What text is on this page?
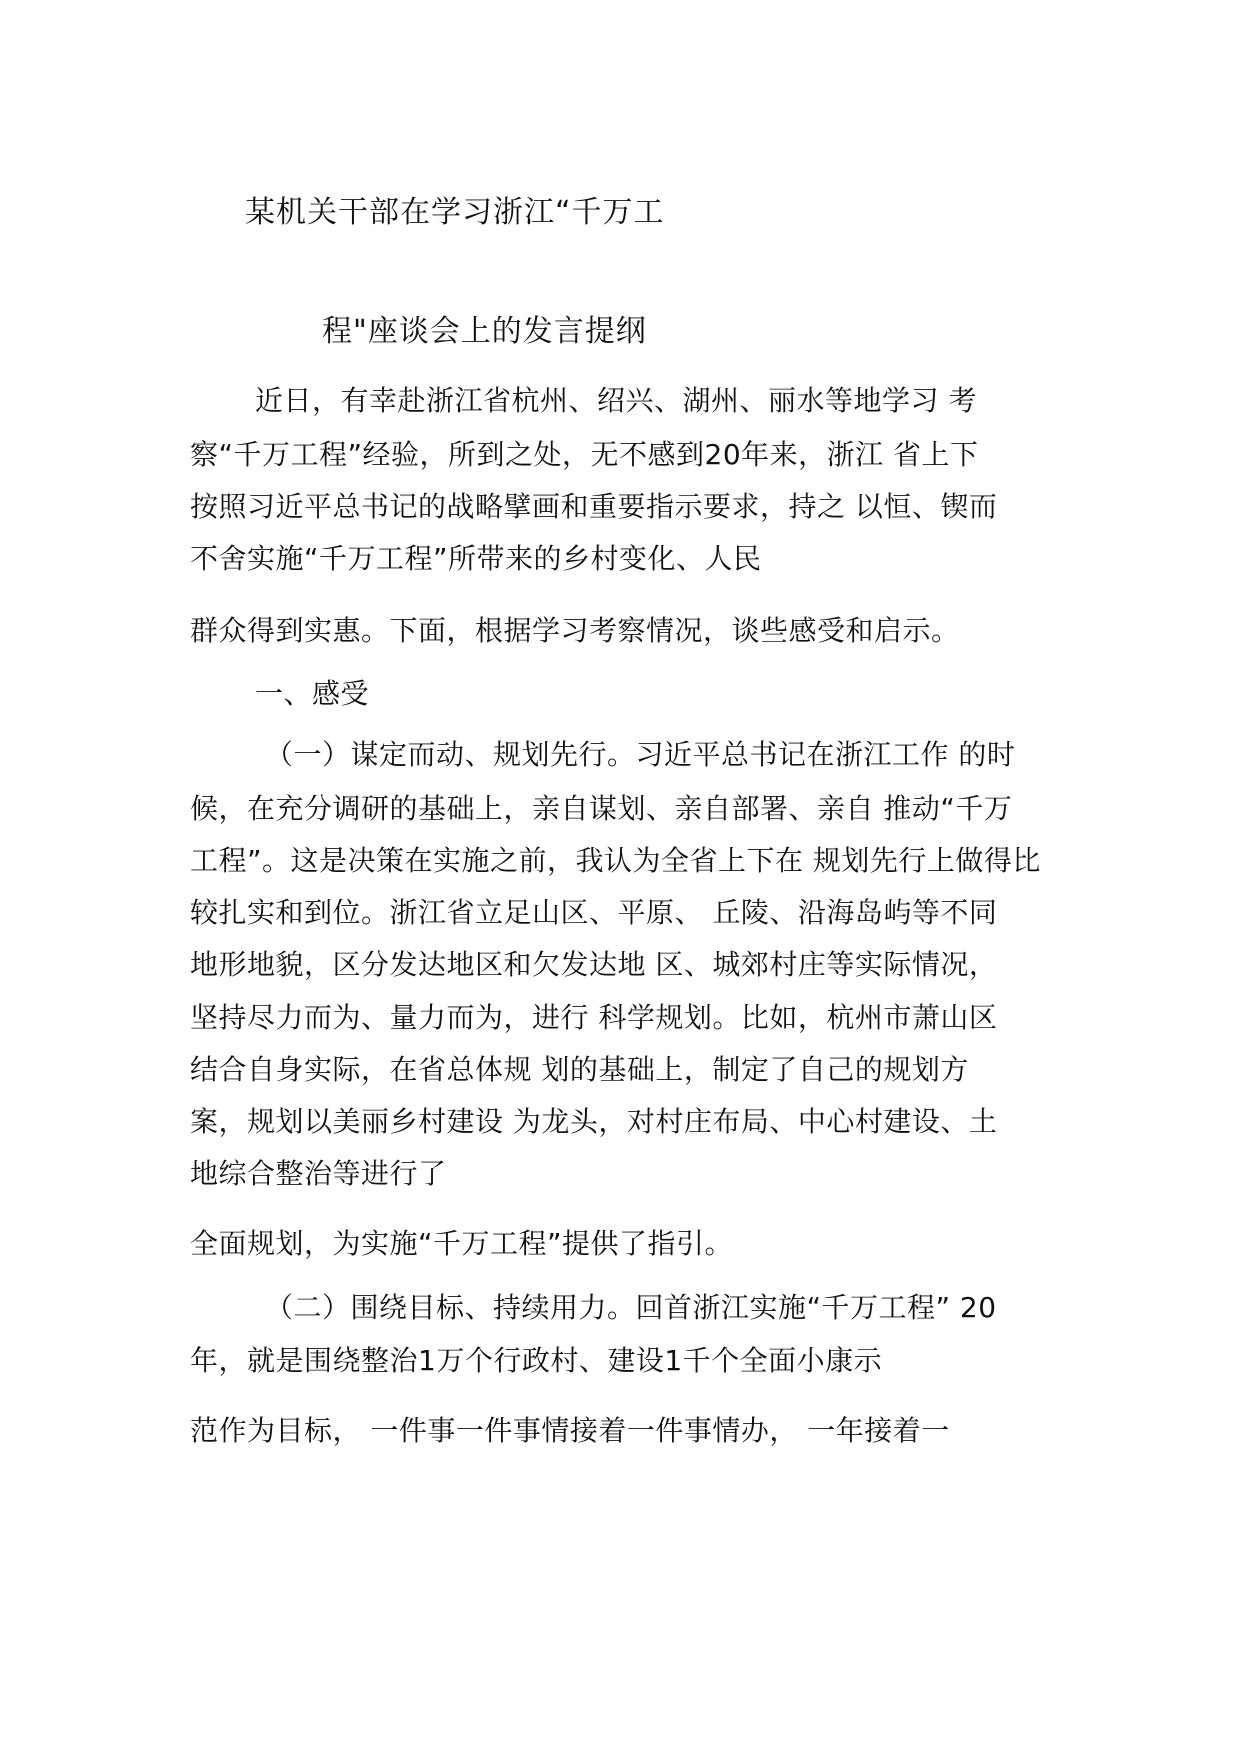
某机关干部在学习浙江“千万工
程"座谈会上的发言提纲
近日，有幸赴浙江省杭州、绍兴、湖州、丽水等地学习 考
察“千万工程”经验，所到之处，无不感到20年来，浙江 省上下
按照习近平总书记的战略擘画和重要指示要求，持之 以恒、锲而
不舍实施“千万工程”所带来的乡村变化、人民
群众得到实惠。下面，根据学习考察情况，谈些感受和启示。
一、感受
（一）谋定而动、规划先行。习近平总书记在浙江工作 的时
候，在充分调研的基础上，亲自谋划、亲自部署、亲自 推动“千万
工程”。这是决策在实施之前，我认为全省上下在 规划先行上做得比
较扎实和到位。浙江省立足山区、平原、 丘陵、沿海岛屿等不同
地形地貌，区分发达地区和欠发达地 区、城郊村庄等实际情况，
坚持尽力而为、量力而为，进行 科学规划。比如，杭州市萧山区
结合自身实际，在省总体规 划的基础上，制定了自己的规划方
案，规划以美丽乡村建设 为龙头，对村庄布局、中心村建设、土
地综合整治等进行了
全面规划，为实施“千万工程”提供了指引。
（二）围绕目标、持续用力。回首浙江实施“千万工程” 20
年，就是围绕整治1万个行政村、建设1千个全面小康示
范作为目标， 一件事一件事情接着一件事情办， 一年接着一
